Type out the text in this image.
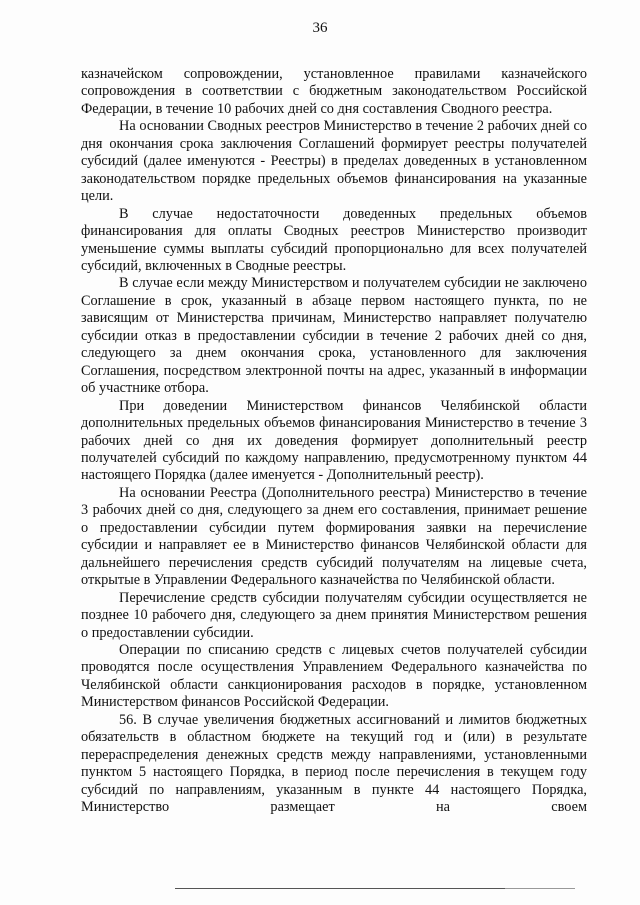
36

казначейском сопровождении, установленное правилами казначейского сопровождения в соответствии с бюджетным законодательством Российской Федерации, в течение 10 рабочих дней со дня составления Сводного реестра.

На основании Сводных реестров Министерство в течение 2 рабочих дней со дня окончания срока заключения Соглашений формирует реестры получателей субсидий (далее именуются - Реестры) в пределах доведенных в установленном законодательством порядке предельных объемов финансирования на указанные цели.

В случае недостаточности доведенных предельных объемов финансирования для оплаты Сводных реестров Министерство производит уменьшение суммы выплаты субсидий пропорционально для всех получателей субсидий, включенных в Сводные реестры.

В случае если между Министерством и получателем субсидии не заключено Соглашение в срок, указанный в абзаце первом настоящего пункта, по не зависящим от Министерства причинам, Министерство направляет получателю субсидии отказ в предоставлении субсидии в течение 2 рабочих дней со дня, следующего за днем окончания срока, установленного для заключения Соглашения, посредством электронной почты на адрес, указанный в информации об участнике отбора.

При доведении Министерством финансов Челябинской области дополнительных предельных объемов финансирования Министерство в течение 3 рабочих дней со дня их доведения формирует дополнительный реестр получателей субсидий по каждому направлению, предусмотренному пунктом 44 настоящего Порядка (далее именуется - Дополнительный реестр).

На основании Реестра (Дополнительного реестра) Министерство в течение 3 рабочих дней со дня, следующего за днем его составления, принимает решение о предоставлении субсидии путем формирования заявки на перечисление субсидии и направляет ее в Министерство финансов Челябинской области для дальнейшего перечисления средств субсидий получателям на лицевые счета, открытые в Управлении Федерального казначейства по Челябинской области.

Перечисление средств субсидии получателям субсидии осуществляется не позднее 10 рабочего дня, следующего за днем принятия Министерством решения о предоставлении субсидии.

Операции по списанию средств с лицевых счетов получателей субсидии проводятся после осуществления Управлением Федерального казначейства по Челябинской области санкционирования расходов в порядке, установленном Министерством финансов Российской Федерации.

56. В случае увеличения бюджетных ассигнований и лимитов бюджетных обязательств в областном бюджете на текущий год и (или) в результате перераспределения денежных средств между направлениями, установленными пунктом 5 настоящего Порядка, в период после перечисления в текущем году субсидий по направлениям, указанным в пункте 44 настоящего Порядка, Министерство размещает на своем
